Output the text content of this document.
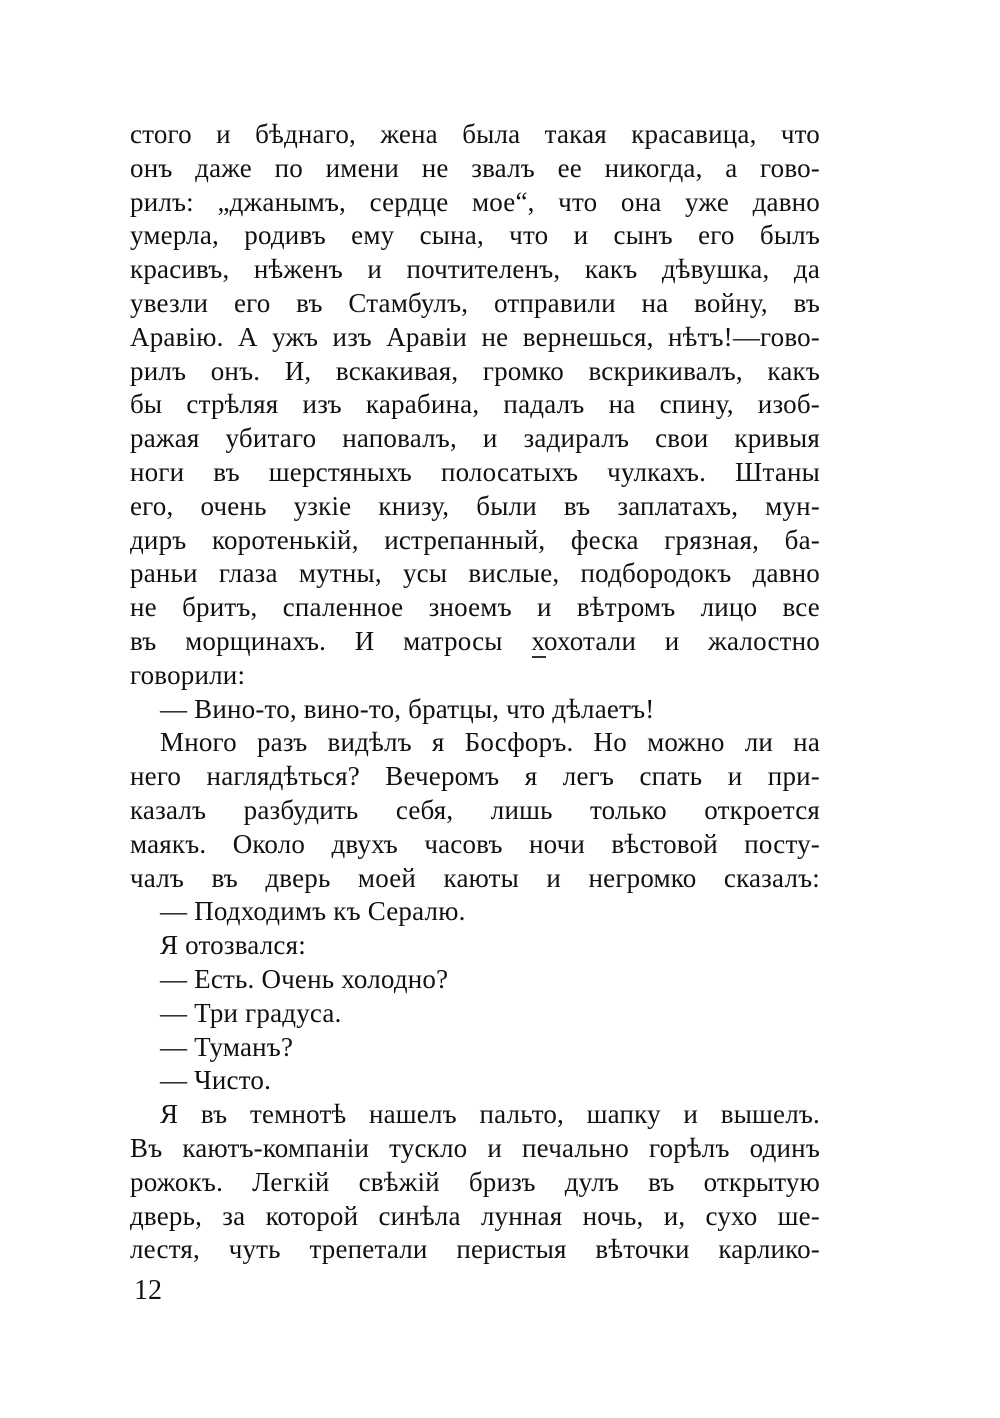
стого и бѣднаго, жена была такая красавица, что
онъ даже по имени не звалъ ее никогда, а гово-
рилъ: „джанымъ, сердце мое“, что она уже давно
умерла, родивъ ему сына, что и сынъ его былъ
красивъ, нѣженъ и почтителенъ, какъ дѣвушка, да
увезли его въ Стамбулъ, отправили на войну, въ
Аравію. А ужъ изъ Аравіи не вернешься, нѣтъ!—гово-
рилъ онъ. И, вскакивая, громко вскрикивалъ, какъ
бы стрѣляя изъ карабина, падалъ на спину, изоб-
ражая убитаго наповалъ, и задиралъ свои кривыя
ноги въ шерстяныхъ полосатыхъ чулкахъ. Штаны
его, очень узкіе книзу, были въ заплатахъ, мун-
диръ коротенькій, истрепанный, феска грязная, ба-
раньи глаза мутны, усы вислые, подбородокъ давно
не бритъ, спаленное зноемъ и вѣтромъ лицо все
въ морщинахъ. И матросы хохотали и жалостно
говорили:
— Вино-то, вино-то, братцы, что дѣлаетъ!
Много разъ видѣлъ я Босфоръ. Но можно ли на
него наглядѣться? Вечеромъ я легъ спать и при-
казалъ разбудить себя, лишь только откроется
маякъ. Около двухъ часовъ ночи вѣстовой посту-
чалъ въ дверь моей каюты и негромко сказалъ:
— Подходимъ къ Сералю.
Я отозвался:
— Есть. Очень холодно?
— Три градуса.
— Туманъ?
— Чисто.
Я въ темнотѣ нашелъ пальто, шапку и вышелъ.
Въ каютъ-компаніи тускло и печально горѣлъ одинъ
рожокъ. Легкій свѣжій бризъ дулъ въ открытую
дверь, за которой синѣла лунная ночь, и, сухо ше-
лестя, чуть трепетали перистыя вѣточки карлико-
12
